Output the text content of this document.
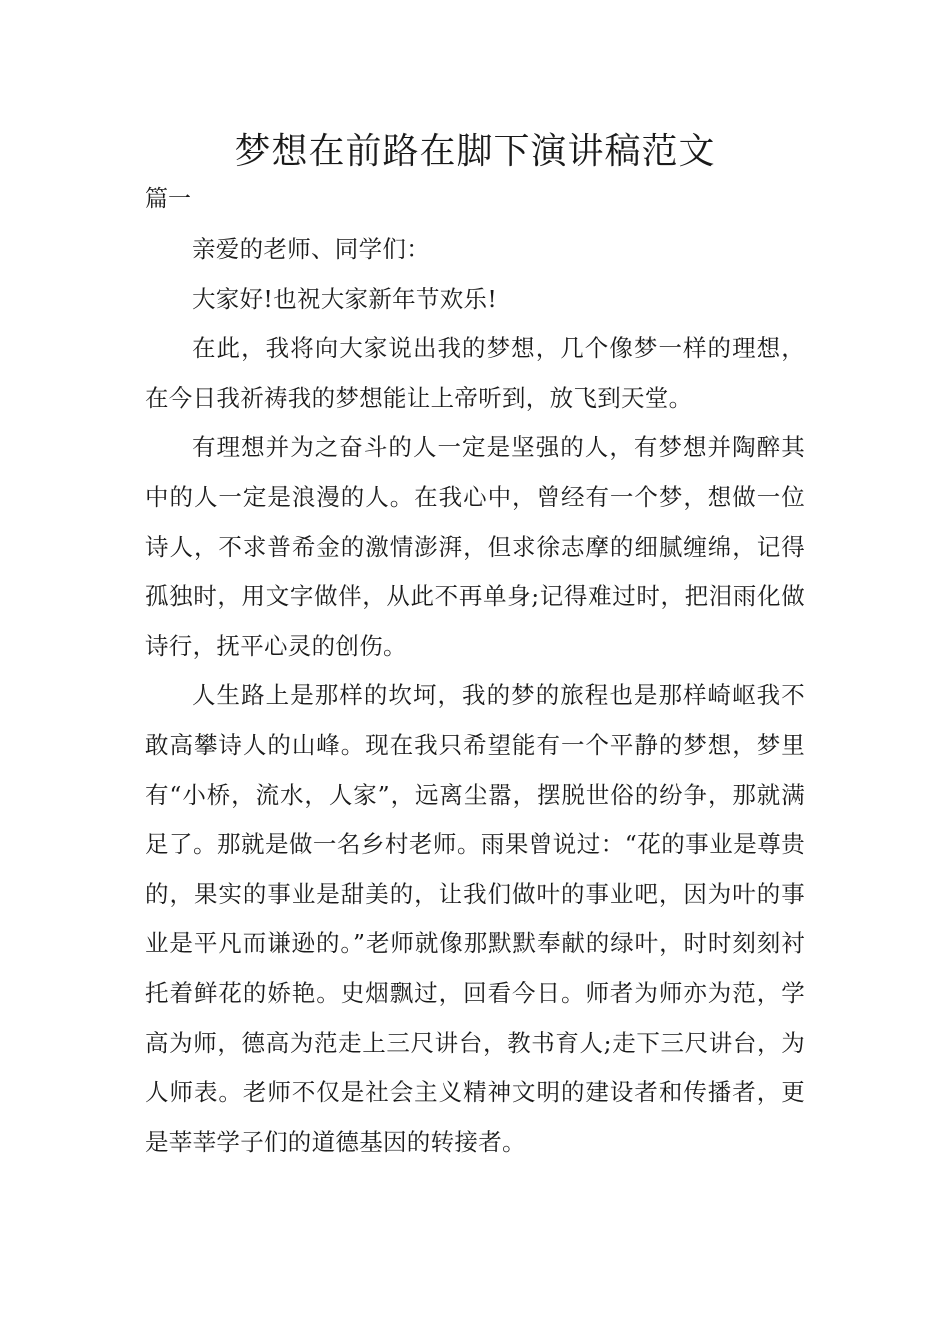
梦想在前路在脚下演讲稿范文
篇一

亲爱的老师、同学们：

大家好!也祝大家新年节欢乐!

在此，我将向大家说出我的梦想，几个像梦一样的理想，在今日我祈祷我的梦想能让上帝听到，放飞到天堂。

有理想并为之奋斗的人一定是坚强的人，有梦想并陶醉其中的人一定是浪漫的人。在我心中，曾经有一个梦，想做一位诗人，不求普希金的激情澎湃，但求徐志摩的细腻缠绵，记得孤独时，用文字做伴，从此不再单身;记得难过时，把泪雨化做诗行，抚平心灵的创伤。

人生路上是那样的坎坷，我的梦的旅程也是那样崎岖我不敢高攀诗人的山峰。现在我只希望能有一个平静的梦想，梦里有“小桥，流水，人家”，远离尘嚣，摆脱世俗的纷争，那就满足了。那就是做一名乡村老师。雨果曾说过：“花的事业是尊贵的，果实的事业是甜美的，让我们做叶的事业吧，因为叶的事业是平凡而谦逊的。”老师就像那默默奉献的绿叶，时时刻刻衬托着鲜花的娇艳。史烟飘过，回看今日。师者为师亦为范，学高为师，德高为范走上三尺讲台，教书育人;走下三尺讲台，为人师表。老师不仅是社会主义精神文明的建设者和传播者，更是莘莘学子们的道德基因的转接者。
